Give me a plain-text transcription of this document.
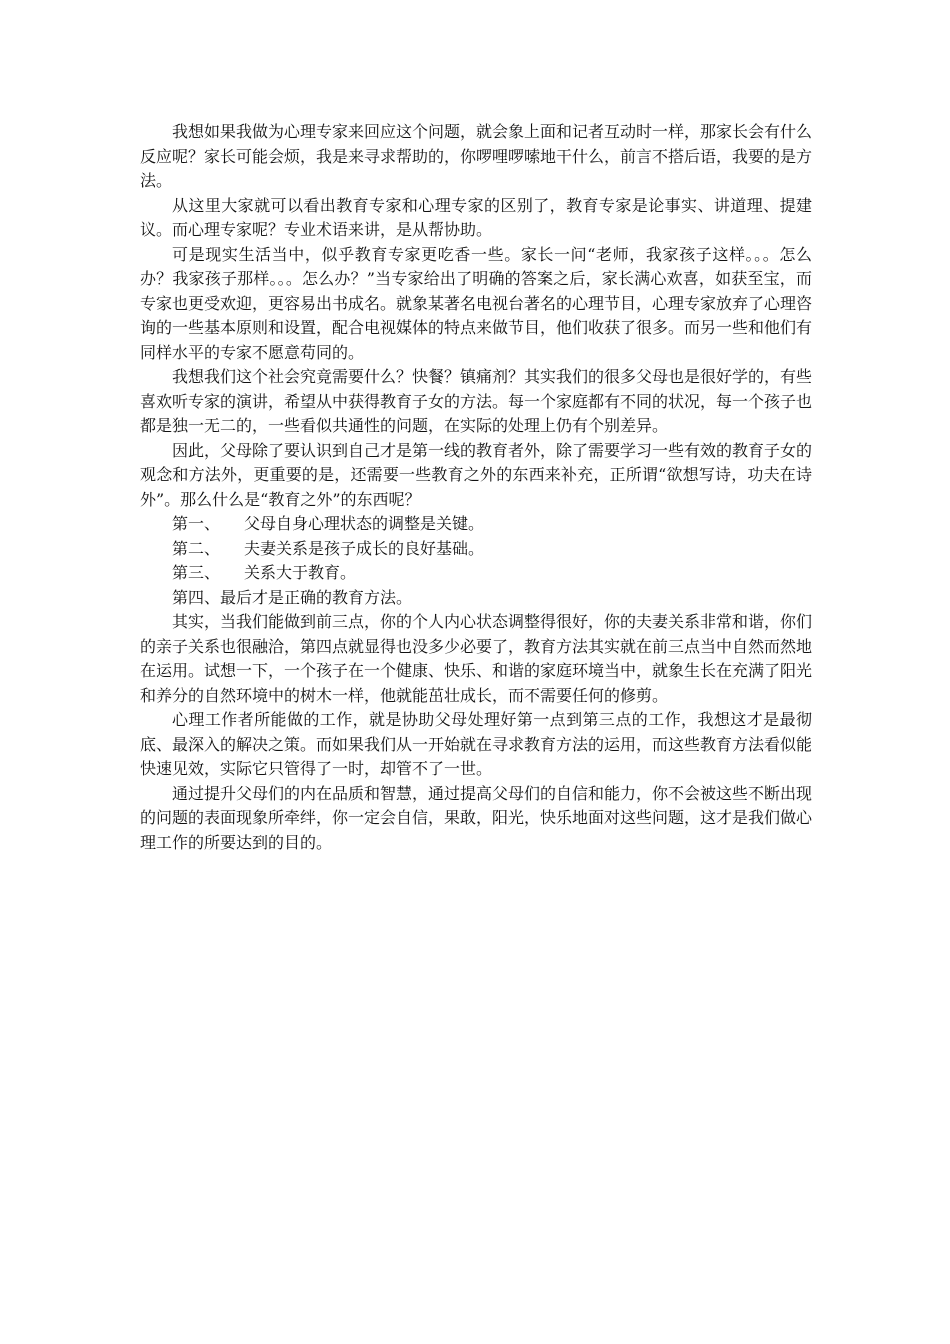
我想如果我做为心理专家来回应这个问题，就会象上面和记者互动时一样，那家长会有什么反应呢？家长可能会烦，我是来寻求帮助的，你啰哩啰嗦地干什么，前言不搭后语，我要的是方法。

从这里大家就可以看出教育专家和心理专家的区别了，教育专家是论事实、讲道理、提建议。而心理专家呢？专业术语来讲，是从帮协助。

可是现实生活当中，似乎教育专家更吃香一些。家长一问“老师，我家孩子这样。。。怎么办？我家孩子那样。。。怎么办？”当专家给出了明确的答案之后，家长满心欢喜，如获至宝，而专家也更受欢迎，更容易出书成名。就象某著名电视台著名的心理节目，心理专家放弃了心理咨询的一些基本原则和设置，配合电视媒体的特点来做节目，他们收获了很多。而另一些和他们有同样水平的专家不愿意苟同的。

我想我们这个社会究竟需要什么？快餐？镇痛剂？其实我们的很多父母也是很好学的，有些喜欢听专家的演讲，希望从中获得教育子女的方法。每一个家庭都有不同的状况，每一个孩子也都是独一无二的，一些看似共通性的问题，在实际的处理上仍有个别差异。

因此，父母除了要认识到自己才是第一线的教育者外，除了需要学习一些有效的教育子女的观念和方法外，更重要的是，还需要一些教育之外的东西来补充，正所谓“欲想写诗，功夫在诗外”。那么什么是“教育之外”的东西呢？

第一、　　父母自身心理状态的调整是关键。

第二、　　夫妻关系是孩子成长的良好基础。

第三、　　关系大于教育。

第四、最后才是正确的教育方法。

其实，当我们能做到前三点，你的个人内心状态调整得很好，你的夫妻关系非常和谐，你们的亲子关系也很融洽，第四点就显得也没多少必要了，教育方法其实就在前三点当中自然而然地在运用。试想一下，一个孩子在一个健康、快乐、和谐的家庭环境当中，就象生长在充满了阳光和养分的自然环境中的树木一样，他就能茁壮成长，而不需要任何的修剪。

心理工作者所能做的工作，就是协助父母处理好第一点到第三点的工作，我想这才是最彻底、最深入的解决之策。而如果我们从一开始就在寻求教育方法的运用，而这些教育方法看似能快速见效，实际它只管得了一时，却管不了一世。

通过提升父母们的内在品质和智慧，通过提高父母们的自信和能力，你不会被这些不断出现的问题的表面现象所牵绊，你一定会自信，果敢，阳光，快乐地面对这些问题，这才是我们做心理工作的所要达到的目的。
